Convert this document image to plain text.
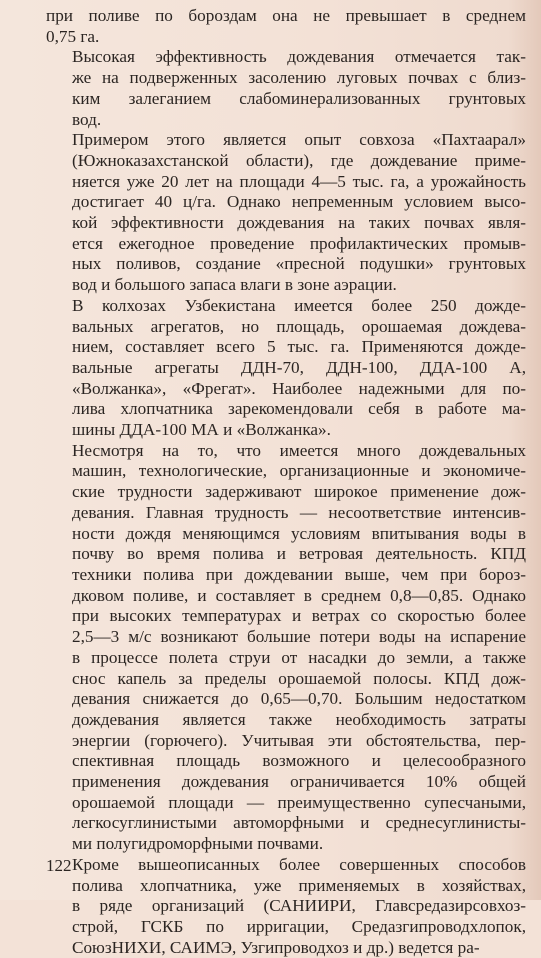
при поливе по бороздам она не превышает в среднем
0,75 га.
Высокая эффективность дождевания отмечается так-
же на подверженных засолению луговых почвах с близ-
ким залеганием слабоминерализованных грунтовых
вод.
Примером этого является опыт совхоза «Пахтаарал»
(Южноказахстанской области), где дождевание приме-
няется уже 20 лет на площади 4—5 тыс. га, а урожайность
достигает 40 ц/га. Однако непременным условием высо-
кой эффективности дождевания на таких почвах явля-
ется ежегодное проведение профилактических промыв-
ных поливов, создание «пресной подушки» грунтовых
вод и большого запаса влаги в зоне аэрации.
В колхозах Узбекистана имеется более 250 дожде-
вальных агрегатов, но площадь, орошаемая дождева-
нием, составляет всего 5 тыс. га. Применяются дожде-
вальные агрегаты ДДН-70, ДДН-100, ДДА-100 А,
«Волжанка», «Фрегат». Наиболее надежными для по-
лива хлопчатника зарекомендовали себя в работе ма-
шины ДДА-100 МА и «Волжанка».
Несмотря на то, что имеется много дождевальных
машин, технологические, организационные и экономиче-
ские трудности задерживают широкое применение дож-
девания. Главная трудность — несоответствие интенсив-
ности дождя меняющимся условиям впитывания воды в
почву во время полива и ветровая деятельность. КПД
техники полива при дождевании выше, чем при бороз-
дковом поливе, и составляет в среднем 0,8—0,85. Однако
при высоких температурах и ветрах со скоростью более
2,5—3 м/с возникают большие потери воды на испарение
в процессе полета струи от насадки до земли, а также
снос капель за пределы орошаемой полосы. КПД дож-
девания снижается до 0,65—0,70. Большим недостатком
дождевания является также необходимость затраты
энергии (горючего). Учитывая эти обстоятельства, пер-
спективная площадь возможного и целесообразного
применения дождевания ограничивается 10% общей
орошаемой площади — преимущественно супесчаными,
легкосуглинистыми автоморфными и среднесуглинисты-
ми полугидроморфными почвами.
Кроме вышеописанных более совершенных способов
полива хлопчатника, уже применяемых в хозяйствах,
в ряде организаций (САНИИРИ, Главсредазирсовхоз-
строй, ГСКБ по ирригации, Средазгипроводхлопок,
СоюзНИХИ, САИМЭ, Узгипроводхоз и др.) ведется ра-
122
